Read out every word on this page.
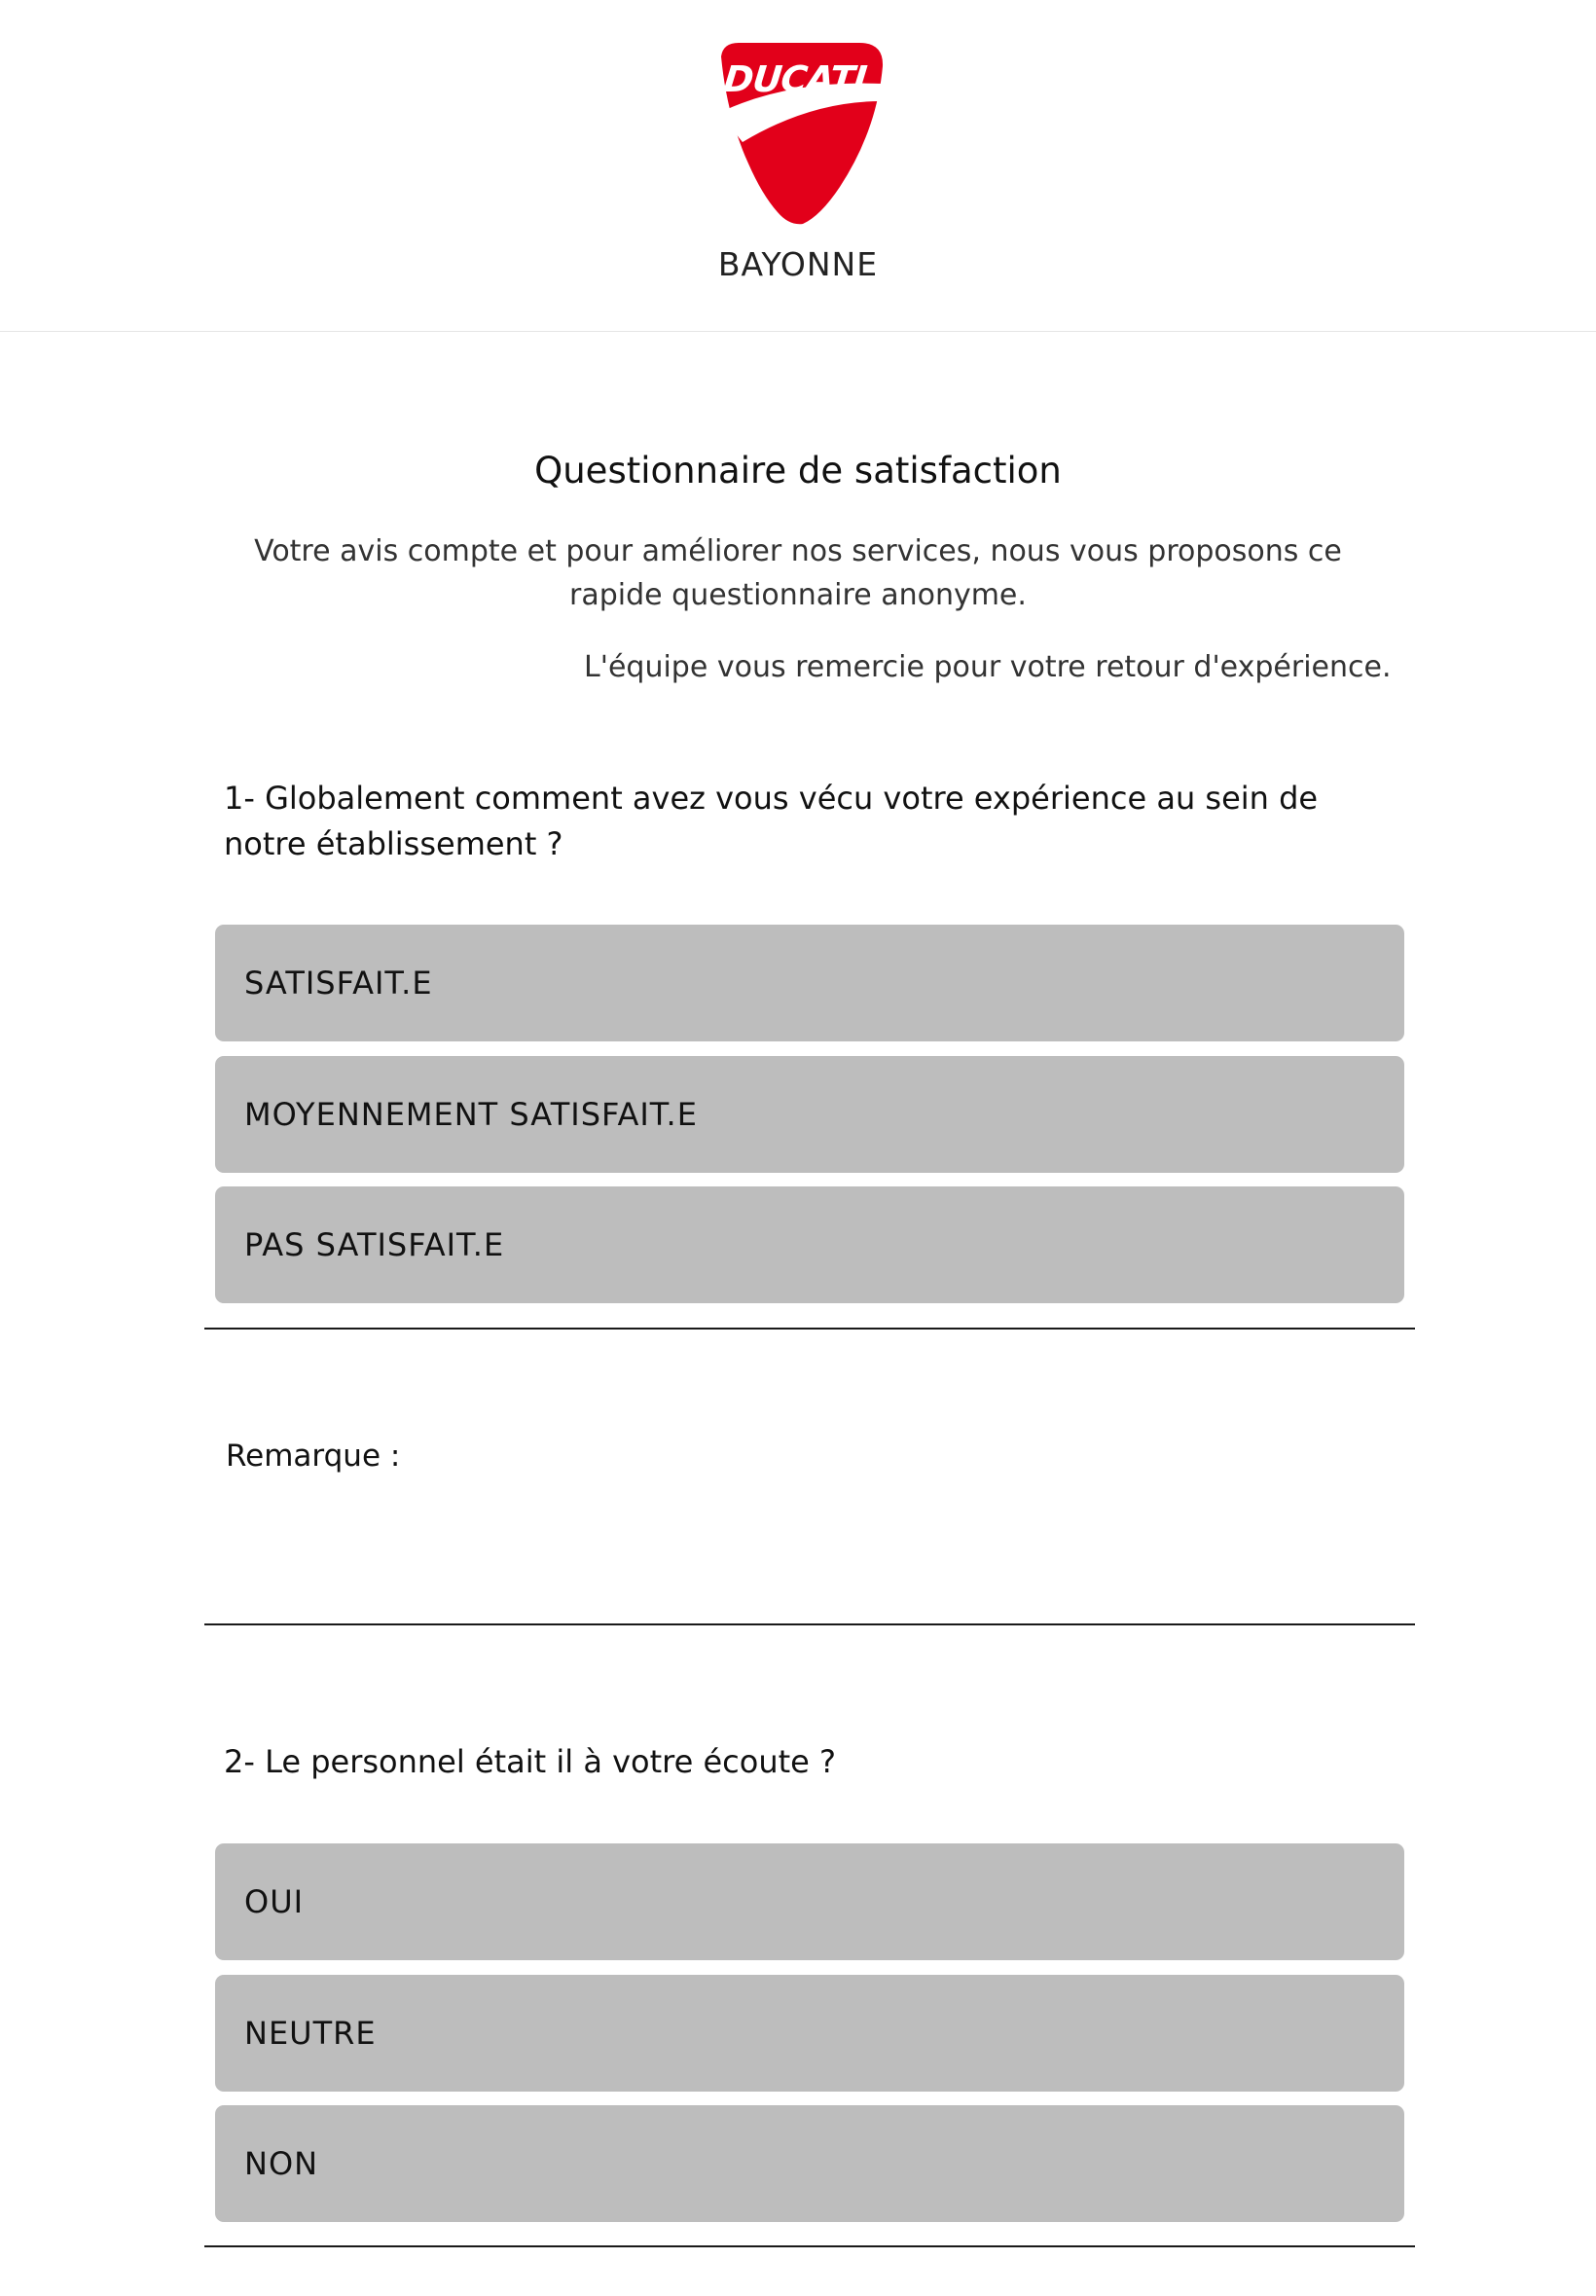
DUCATI
BAYONNE
Questionnaire de satisfaction
Votre avis compte et pour améliorer nos services, nous vous proposons ce rapide questionnaire anonyme.
L'équipe vous remercie pour votre retour d'expérience.
1- Globalement comment avez vous vécu votre expérience au sein de notre établissement ?
SATISFAIT.E
MOYENNEMENT SATISFAIT.E
PAS SATISFAIT.E
Remarque :
2- Le personnel était il à votre écoute ?
OUI
NEUTRE
NON
